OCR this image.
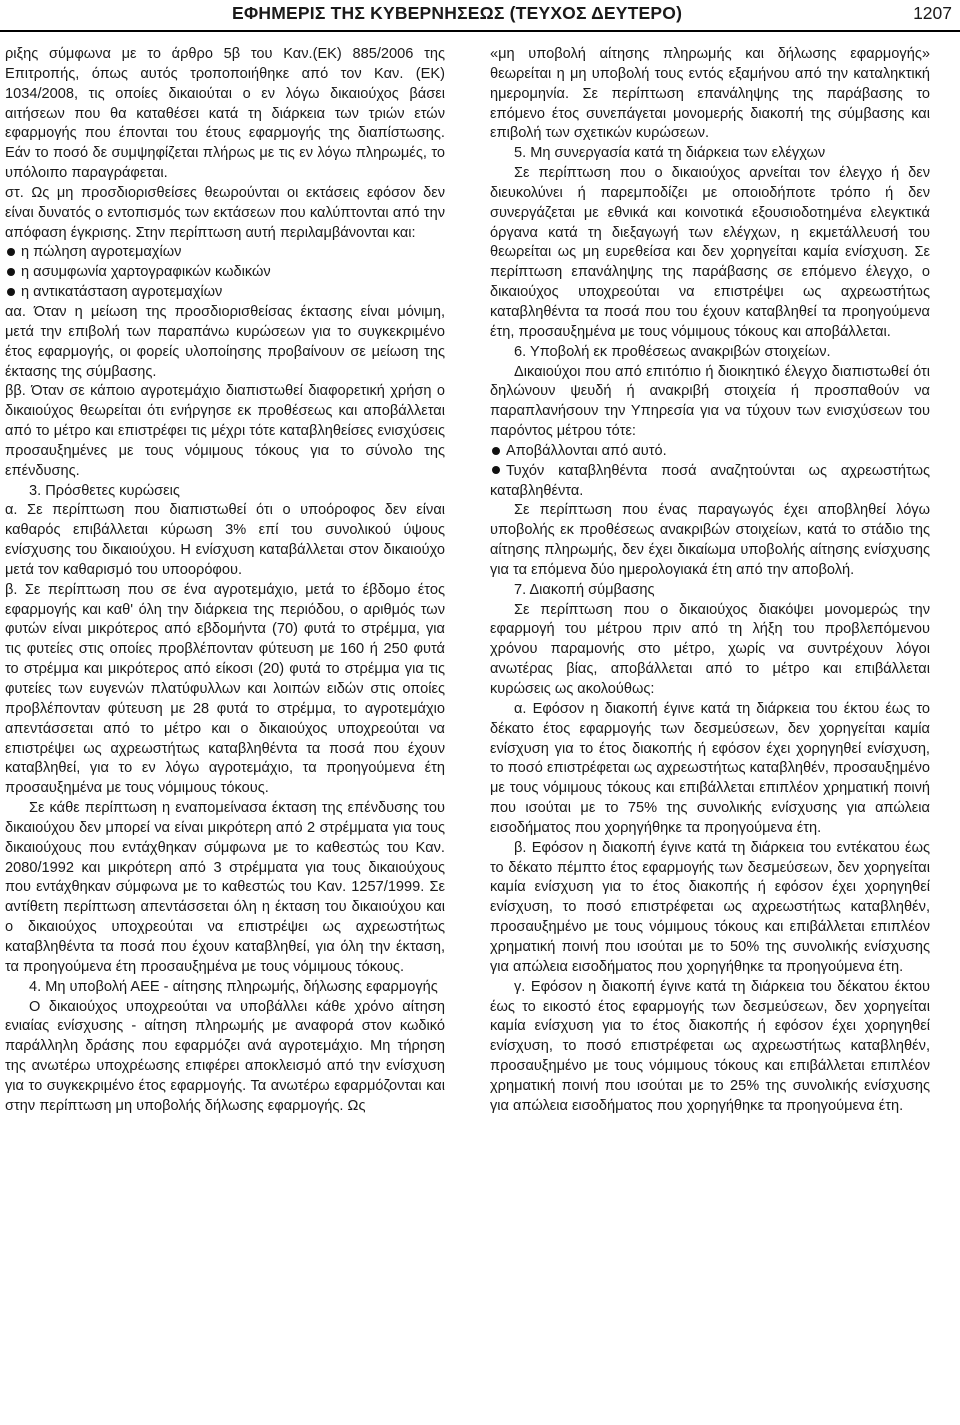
ΕΦΗΜΕΡΙΣ ΤΗΣ ΚΥΒΕΡΝΗΣΕΩΣ (ΤΕΥΧΟΣ ΔΕΥΤΕΡΟ)	1207

ριξης σύμφωνα με το άρθρο 5β του Καν.(ΕΚ) 885/2006 της Επιτροπής, όπως αυτός τροποποιήθηκε από τον Καν. (ΕΚ) 1034/2008, τις οποίες δικαιούται ο εν λόγω δικαιούχος βάσει αιτήσεων που θα καταθέσει κατά τη διάρκεια των τριών ετών εφαρμογής που έπονται του έτους εφαρμογής της διαπίστωσης. Εάν το ποσό δε συμψηφίζεται πλήρως με τις εν λόγω πληρωμές, το υπόλοιπο παραγράφεται.

στ. Ως μη προσδιορισθείσες θεωρούνται οι εκτάσεις εφόσον δεν είναι δυνατός ο εντοπισμός των εκτάσεων που καλύπτονται από την απόφαση έγκρισης. Στην περίπτωση αυτή περιλαμβάνονται και:

η πώληση αγροτεμαχίων

η ασυμφωνία χαρτογραφικών κωδικών

η αντικατάσταση αγροτεμαχίων

αα. Όταν η μείωση της προσδιορισθείσας έκτασης είναι μόνιμη, μετά την επιβολή των παραπάνω κυρώσεων για το συγκεκριμένο έτος εφαρμογής, οι φορείς υλοποίησης προβαίνουν σε μείωση της έκτασης της σύμβασης.

ββ. Όταν σε κάποιο αγροτεμάχιο διαπιστωθεί διαφορετική χρήση ο δικαιούχος θεωρείται ότι ενήργησε εκ προθέσεως και αποβάλλεται από το μέτρο και επιστρέφει τις μέχρι τότε καταβληθείσες ενισχύσεις προσαυξημένες με τους νόμιμους τόκους για το σύνολο της επένδυσης.

3. Πρόσθετες κυρώσεις

α. Σε περίπτωση που διαπιστωθεί ότι ο υποόροφος δεν είναι καθαρός επιβάλλεται κύρωση 3% επί του συνολικού ύψους ενίσχυσης του δικαιούχου. Η ενίσχυση καταβάλλεται στον δικαιούχο μετά τον καθαρισμό του υποορόφου.

β. Σε περίπτωση που σε ένα αγροτεμάχιο, μετά το έβδομο έτος εφαρμογής και καθ' όλη την διάρκεια της περιόδου, ο αριθμός των φυτών είναι μικρότερος από εβδομήντα (70) φυτά το στρέμμα, για τις φυτείες στις οποίες προβλέπονταν φύτευση με 160 ή 250 φυτά το στρέμμα και μικρότερος από είκοσι (20) φυτά το στρέμμα για τις φυτείες των ευγενών πλατύφυλλων και λοιπών ειδών στις οποίες προβλέπονταν φύτευση με 28 φυτά το στρέμμα, το αγροτεμάχιο απεντάσσεται από το μέτρο και ο δικαιούχος υποχρεούται να επιστρέψει ως αχρεωστήτως καταβληθέντα τα ποσά που έχουν καταβληθεί, για το εν λόγω αγροτεμάχιο, τα προηγούμενα έτη προσαυξημένα με τους νόμιμους τόκους.

Σε κάθε περίπτωση η εναπομείνασα έκταση της επένδυσης του δικαιούχου δεν μπορεί να είναι μικρότερη από 2 στρέμματα για τους δικαιούχους που εντάχθηκαν σύμφωνα με το καθεστώς του Καν. 2080/1992 και μικρότερη από 3 στρέμματα για τους δικαιούχους που εντάχθηκαν σύμφωνα με το καθεστώς του Καν. 1257/1999. Σε αντίθετη περίπτωση απεντάσσεται όλη η έκταση του δικαιούχου και ο δικαιούχος υποχρεούται να επιστρέψει ως αχρεωστήτως καταβληθέντα τα ποσά που έχουν καταβληθεί, για όλη την έκταση, τα προηγούμενα έτη προσαυξημένα με τους νόμιμους τόκους.

4. Μη υποβολή ΑΕΕ - αίτησης πληρωμής, δήλωσης εφαρμογής

Ο δικαιούχος υποχρεούται να υποβάλλει κάθε χρόνο αίτηση ενιαίας ενίσχυσης - αίτηση πληρωμής με αναφορά στον κωδικό παράλληλη δράσης που εφαρμόζει ανά αγροτεμάχιο. Μη τήρηση της ανωτέρω υποχρέωσης επιφέρει αποκλεισμό από την ενίσχυση για το συγκεκριμένο έτος εφαρμογής. Τα ανωτέρω εφαρμόζονται και στην περίπτωση μη υποβολής δήλωσης εφαρμογής. Ως

«μη υποβολή αίτησης πληρωμής και δήλωσης εφαρμογής» θεωρείται η μη υποβολή τους εντός εξαμήνου από την καταληκτική ημερομηνία. Σε περίπτωση επανάληψης της παράβασης το επόμενο έτος συνεπάγεται μονομερής διακοπή της σύμβασης και επιβολή των σχετικών κυρώσεων.

5. Μη συνεργασία κατά τη διάρκεια των ελέγχων

Σε περίπτωση που ο δικαιούχος αρνείται τον έλεγχο ή δεν διευκολύνει ή παρεμποδίζει με οποιοδήποτε τρόπο ή δεν συνεργάζεται με εθνικά και κοινοτικά εξουσιοδοτημένα ελεγκτικά όργανα κατά τη διεξαγωγή των ελέγχων, η εκμετάλλευσή του θεωρείται ως μη ευρεθείσα και δεν χορηγείται καμία ενίσχυση. Σε περίπτωση επανάληψης της παράβασης σε επόμενο έλεγχο, ο δικαιούχος υποχρεούται να επιστρέψει ως αχρεωστήτως καταβληθέντα τα ποσά που του έχουν καταβληθεί τα προηγούμενα έτη, προσαυξημένα με τους νόμιμους τόκους και αποβάλλεται.

6. Υποβολή εκ προθέσεως ανακριβών στοιχείων.

Δικαιούχοι που από επιτόπιο ή διοικητικό έλεγχο διαπιστωθεί ότι δηλώνουν ψευδή ή ανακριβή στοιχεία ή προσπαθούν να παραπλανήσουν την Υπηρεσία για να τύχουν των ενισχύσεων του παρόντος μέτρου τότε:

Αποβάλλονται από αυτό.

Τυχόν καταβληθέντα ποσά αναζητούνται ως αχρεωστήτως καταβληθέντα.

Σε περίπτωση που ένας παραγωγός έχει αποβληθεί λόγω υποβολής εκ προθέσεως ανακριβών στοιχείων, κατά το στάδιο της αίτησης πληρωμής, δεν έχει δικαίωμα υποβολής αίτησης ενίσχυσης για τα επόμενα δύο ημερολογιακά έτη από την αποβολή.

7. Διακοπή σύμβασης

Σε περίπτωση που ο δικαιούχος διακόψει μονομερώς την εφαρμογή του μέτρου πριν από τη λήξη του προβλεπόμενου χρόνου παραμονής στο μέτρο, χωρίς να συντρέχουν λόγοι ανωτέρας βίας, αποβάλλεται από το μέτρο και επιβάλλεται κυρώσεις ως ακολούθως:

α. Εφόσον η διακοπή έγινε κατά τη διάρκεια του έκτου έως το δέκατο έτος εφαρμογής των δεσμεύσεων, δεν χορηγείται καμία ενίσχυση για το έτος διακοπής ή εφόσον έχει χορηγηθεί ενίσχυση, το ποσό επιστρέφεται ως αχρεωστήτως καταβληθέν, προσαυξημένο με τους νόμιμους τόκους και επιβάλλεται επιπλέον χρηματική ποινή που ισούται με το 75% της συνολικής ενίσχυσης για απώλεια εισοδήματος που χορηγήθηκε τα προηγούμενα έτη.

β. Εφόσον η διακοπή έγινε κατά τη διάρκεια του εντέκατου έως το δέκατο πέμπτο έτος εφαρμογής των δεσμεύσεων, δεν χορηγείται καμία ενίσχυση για το έτος διακοπής ή εφόσον έχει χορηγηθεί ενίσχυση, το ποσό επιστρέφεται ως αχρεωστήτως καταβληθέν, προσαυξημένο με τους νόμιμους τόκους και επιβάλλεται επιπλέον χρηματική ποινή που ισούται με το 50% της συνολικής ενίσχυσης για απώλεια εισοδήματος που χορηγήθηκε τα προηγούμενα έτη.

γ. Εφόσον η διακοπή έγινε κατά τη διάρκεια του δέκατου έκτου έως το εικοστό έτος εφαρμογής των δεσμεύσεων, δεν χορηγείται καμία ενίσχυση για το έτος διακοπής ή εφόσον έχει χορηγηθεί ενίσχυση, το ποσό επιστρέφεται ως αχρεωστήτως καταβληθέν, προσαυξημένο με τους νόμιμους τόκους και επιβάλλεται επιπλέον χρηματική ποινή που ισούται με το 25% της συνολικής ενίσχυσης για απώλεια εισοδήματος που χορηγήθηκε τα προηγούμενα έτη.
